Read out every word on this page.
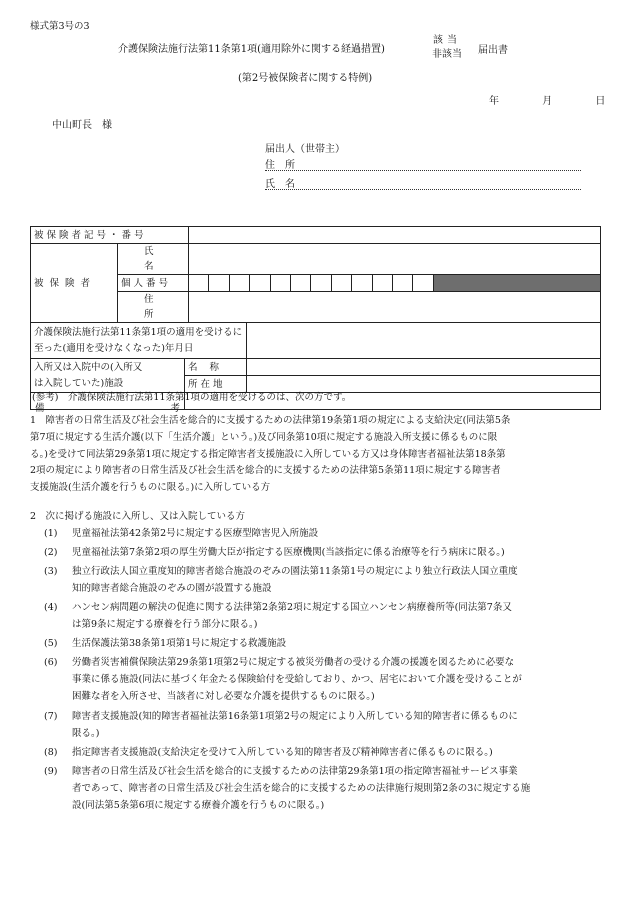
様式第3号の3
介護保険法施行法第11条第1項(適用除外に関する経過措置)
該当
非該当 届出書
(第2号被保険者に関する特例)
年	月	日
中山町長　様
届出人（世帯主）
住所
氏名
被保険者記号・番号				
被保険者	氏名			
	個人番号			

	住所			

介護保険法施行法第11条第1項の適用を受けるに
至った(適用を受けなくなった)年月日				

入所又は入院中の(入所又
は入院していた)施設		名称		
		所在地		

備 考				

(参考)　介護保険法施行法第11条第1項の適用を受けるのは、次の方です。
1　障害者の日常生活及び社会生活を総合的に支援するための法律第19条第1項の規定による支給決定(同法第5条
第7項に規定する生活介護(以下「生活介護」という。)及び同条第10項に規定する施設入所支援に係るものに限
る。)を受けて同法第29条第1項に規定する指定障害者支援施設に入所している方又は身体障害者福祉法第18条第
2項の規定により障害者の日常生活及び社会生活を総合的に支援するための法律第5条第11項に規定する障害者
支援施設(生活介護を行うものに限る。)に入所している方
2　次に掲げる施設に入所し、又は入院している方
(1) 児童福祉法第42条第2号に規定する医療型障害児入所施設
(2) 児童福祉法第7条第2項の厚生労働大臣が指定する医療機関(当該指定に係る治療等を行う病床に限る。)
(3) 独立行政法人国立重度知的障害者総合施設のぞみの園法第11条第1号の規定により独立行政法人国立重度
知的障害者総合施設のぞみの園が設置する施設
(4) ハンセン病問題の解決の促進に関する法律第2条第2項に規定する国立ハンセン病療養所等(同法第7条又
は第9条に規定する療養を行う部分に限る。)
(5) 生活保護法第38条第1項第1号に規定する救護施設
(6) 労働者災害補償保険法第29条第1項第2号に規定する被災労働者の受ける介護の援護を図るために必要な
事業に係る施設(同法に基づく年金たる保険給付を受給しており、かつ、居宅において介護を受けることが
困難な者を入所させ、当該者に対し必要な介護を提供するものに限る。)
(7) 障害者支援施設(知的障害者福祉法第16条第1項第2号の規定により入所している知的障害者に係るものに
限る。)
(8) 指定障害者支援施設(支給決定を受けて入所している知的障害者及び精神障害者に係るものに限る。)
(9) 障害者の日常生活及び社会生活を総合的に支援するための法律第29条第1項の指定障害福祉サービス事業
者であって、障害者の日常生活及び社会生活を総合的に支援するための法律施行規則第2条の3に規定する施
設(同法第5条第6項に規定する療養介護を行うものに限る。)
